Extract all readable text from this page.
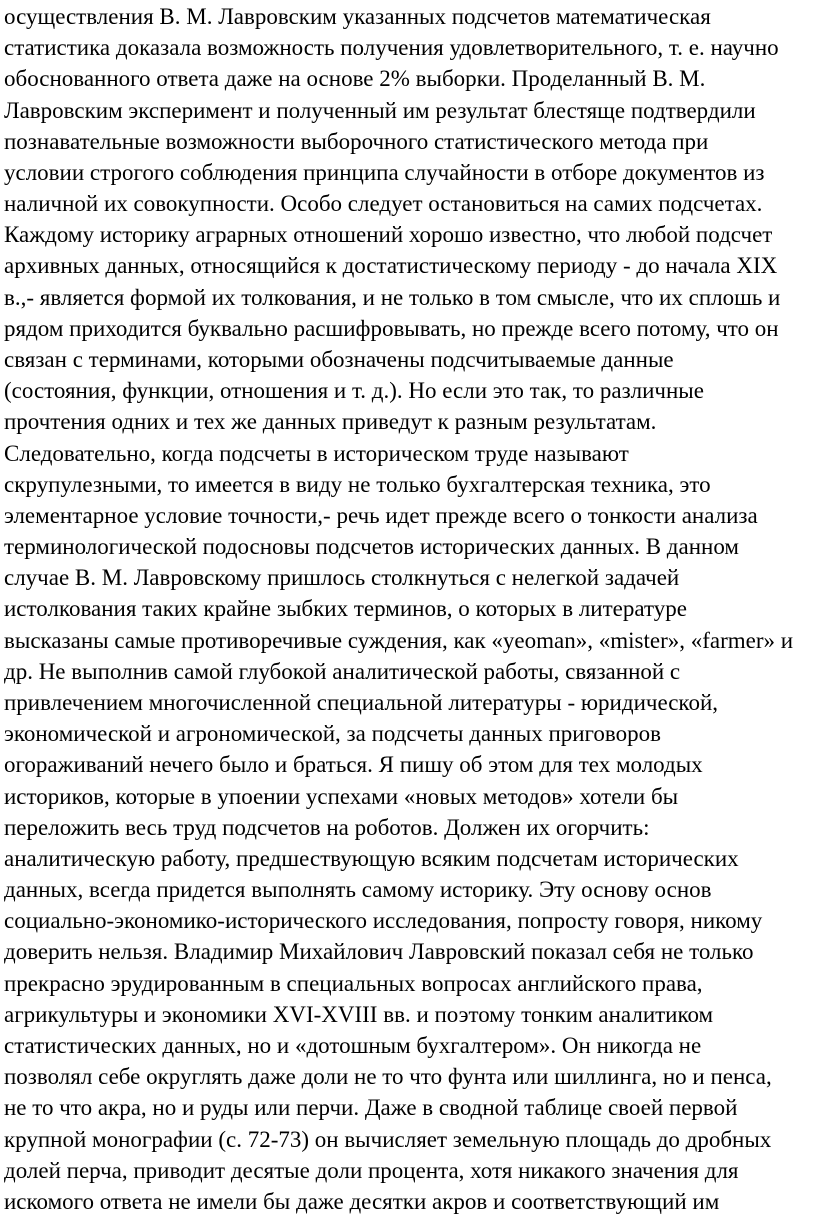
осуществления В. М. Лавровским указанных подсчетов математическая
статистика доказала возможность получения удовлетворительного, т. е. научно
обоснованного ответа даже на основе 2% выборки. Проделанный В. М.
Лавровским эксперимент и полученный им результат блестяще подтвердили
познавательные возможности выборочного статистического метода при
условии строгого соблюдения принципа случайности в отборе документов из
наличной их совокупности. Особо следует остановиться на самих подсчетах.
Каждому историку аграрных отношений хорошо известно, что любой подсчет
архивных данных, относящийся к достатистическому периоду - до начала XIX
в.,- является формой их толкования, и не только в том смысле, что их сплошь и
рядом приходится буквально расшифровывать, но прежде всего потому, что он
связан с терминами, которыми обозначены подсчитываемые данные
(состояния, функции, отношения и т. д.). Но если это так, то различные
прочтения одних и тех же данных приведут к разным результатам.
Следовательно, когда подсчеты в историческом труде называют
скрупулезными, то имеется в виду не только бухгалтерская техника, это
элементарное условие точности,- речь идет прежде всего о тонкости анализа
терминологической подосновы подсчетов исторических данных. В данном
случае В. М. Лавровскому пришлось столкнуться с нелегкой задачей
истолкования таких крайне зыбких терминов, о которых в литературе
высказаны самые противоречивые суждения, как «yeoman», «mister», «farmer» и
др. Не выполнив самой глубокой аналитической работы, связанной с
привлечением многочисленной специальной литературы - юридической,
экономической и агрономической, за подсчеты данных приговоров
огораживаний нечего было и браться. Я пишу об этом для тех молодых
историков, которые в упоении успехами «новых методов» хотели бы
переложить весь труд подсчетов на роботов. Должен их огорчить:
аналитическую работу, предшествующую всяким подсчетам исторических
данных, всегда придется выполнять самому историку. Эту основу основ
социально-экономико-исторического исследования, попросту говоря, никому
доверить нельзя. Владимир Михайлович Лавровский показал себя не только
прекрасно эрудированным в специальных вопросах английского права,
агрикультуры и экономики XVI-XVIII вв. и поэтому тонким аналитиком
статистических данных, но и «дотошным бухгалтером». Он никогда не
позволял себе округлять даже доли не то что фунта или шиллинга, но и пенса,
не то что акра, но и руды или перчи. Даже в сводной таблице своей первой
крупной монографии (с. 72-73) он вычисляет земельную площадь до дробных
долей перча, приводит десятые доли процента, хотя никакого значения для
искомого ответа не имели бы даже десятки акров и соответствующий им
